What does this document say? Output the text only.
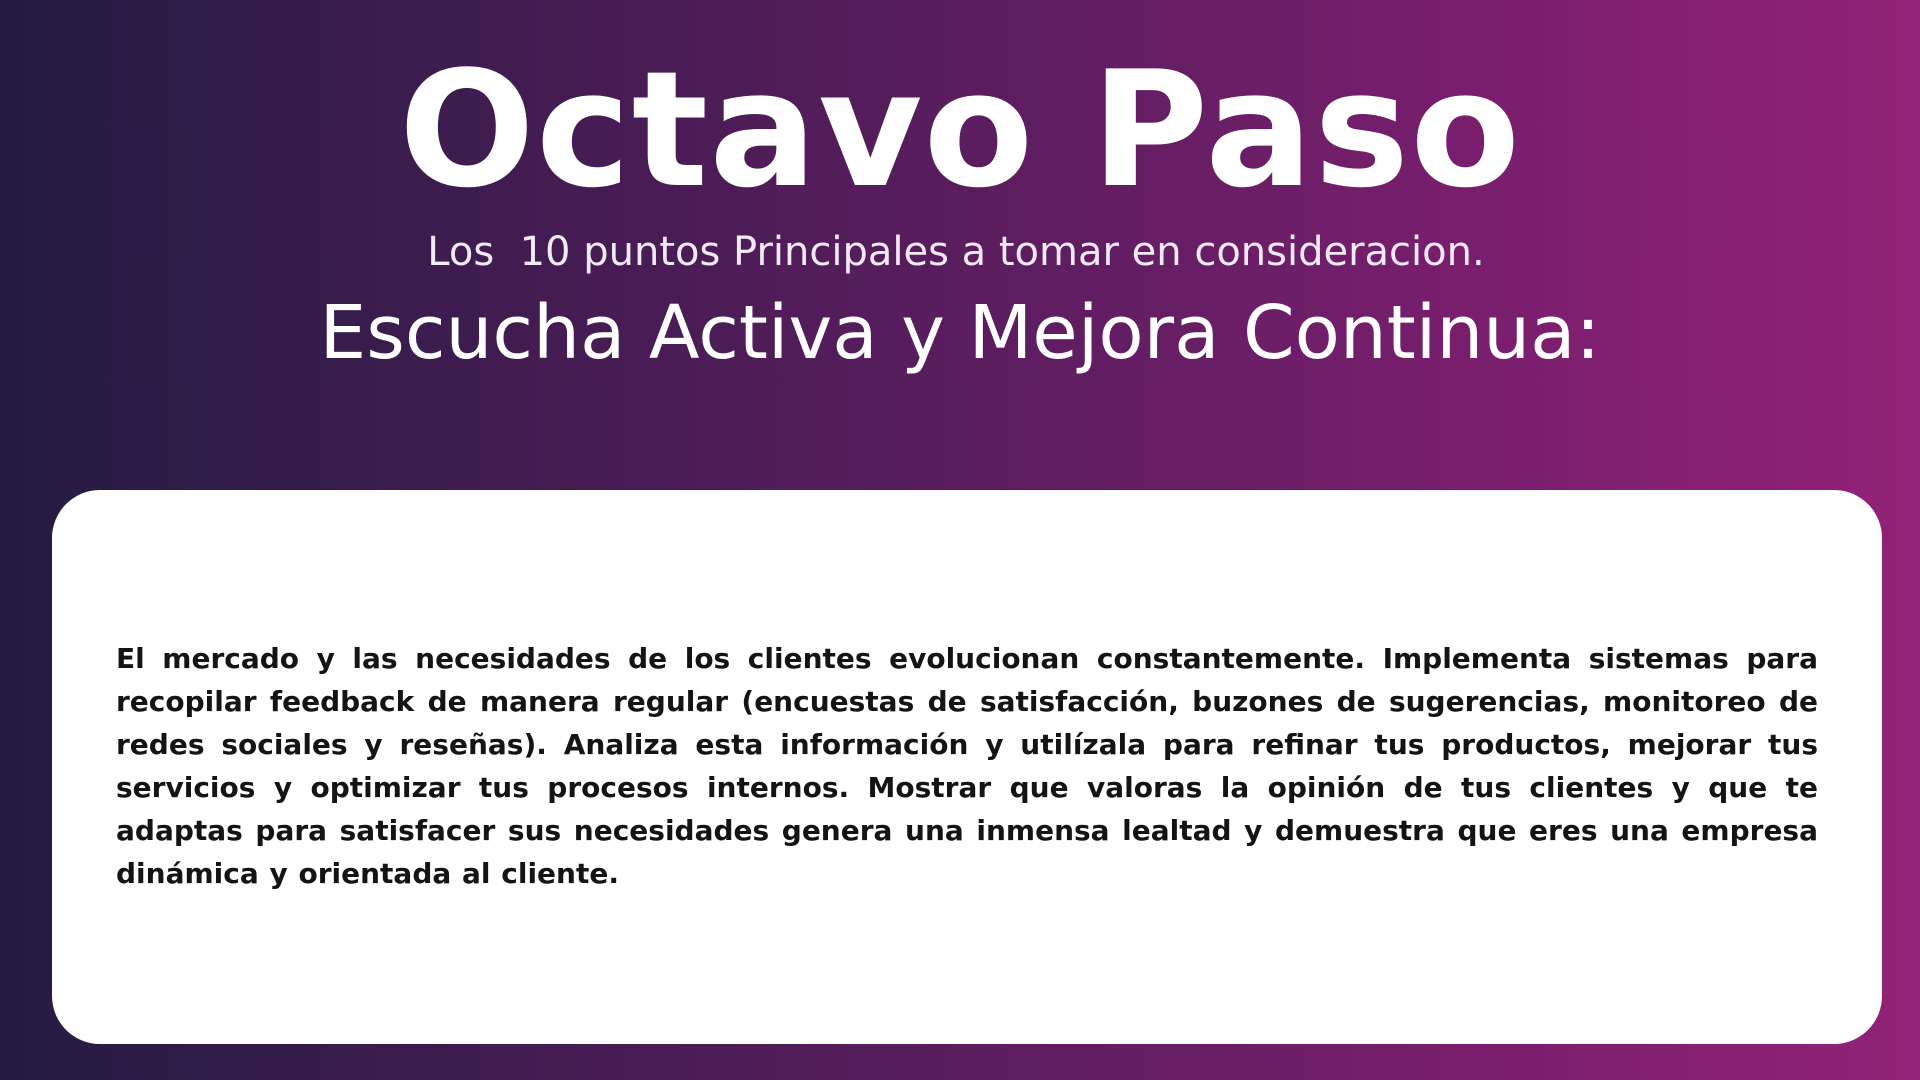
Octavo Paso
Los  10 puntos Principales a tomar en consideracion.
Escucha Activa y Mejora Continua:
El mercado y las necesidades de los clientes evolucionan constantemente. Implementa sistemas para recopilar feedback de manera regular (encuestas de satisfacción, buzones de sugerencias, monitoreo de redes sociales y reseñas). Analiza esta información y utilízala para refinar tus productos, mejorar tus servicios y optimizar tus procesos internos. Mostrar que valoras la opinión de tus clientes y que te adaptas para satisfacer sus necesidades genera una inmensa lealtad y demuestra que eres una empresa dinámica y orientada al cliente.
